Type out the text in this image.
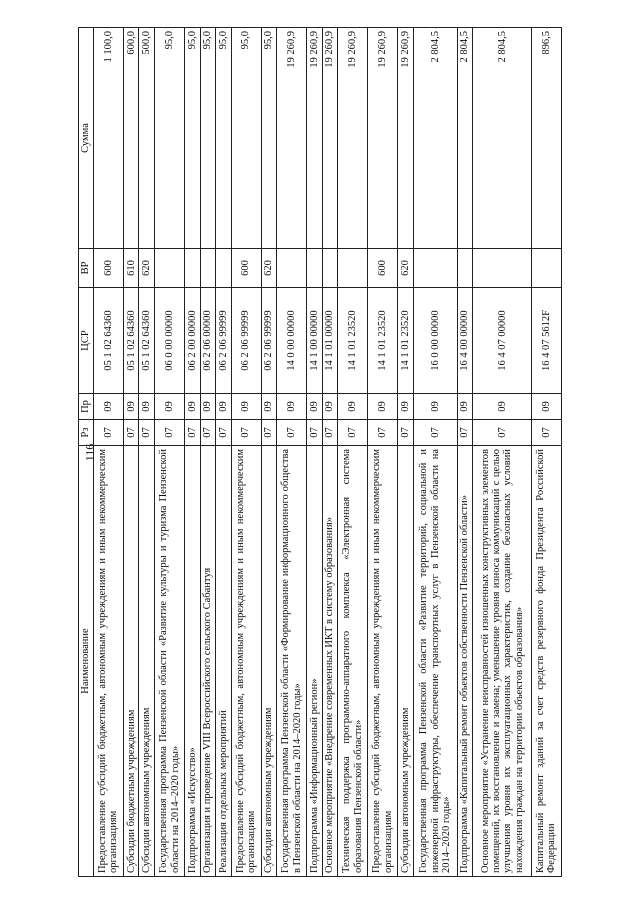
116
Наименование	Рз	Пр	ЦСР	ВР	Сумма
Предоставление субсидий бюджетным, автономным учреждениям и иным некоммерческим организациям	07	09	05 1 02 64360	600	1 100,0
Субсидии бюджетным учреждениям	07	09	05 1 02 64360	610	600,0
Субсидии автономным учреждениям	07	09	05 1 02 64360	620	500,0
Государственная программа Пензенской области «Развитие культуры и туризма Пензенской области на 2014–2020 годы»	07	09	06 0 00 00000		95,0
Подпрограмма «Искусство»	07	09	06 2 00 00000		95,0
Организация и проведение VIII Всероссийского сельского Сабантуя	07	09	06 2 06 00000		95,0
Реализация отдельных мероприятий	07	09	06 2 06 99999		95,0
Предоставление субсидий бюджетным, автономным учреждениям и иным некоммерческим организациям	07	09	06 2 06 99999	600	95,0
Субсидии автономным учреждениям	07	09	06 2 06 99999	620	95,0
Государственная программа Пензенской области «Формирование информационного общества в Пензенской области на 2014–2020 годы»	07	09	14 0 00 00000		19 260,9
Подпрограмма «Информационный регион»	07	09	14 1 00 00000		19 260,9
Основное мероприятие «Внедрение современных ИКТ в систему образования»	07	09	14 1 01 00000		19 260,9
Техническая поддержка программно-аппаратного комплекса «Электронная система образования Пензенской области»	07	09	14 1 01 23520		19 260,9
Предоставление субсидий бюджетным, автономным учреждениям и иным некоммерческим организациям	07	09	14 1 01 23520	600	19 260,9
Субсидии автономным учреждениям	07	09	14 1 01 23520	620	19 260,9
Государственная программа Пензенской области «Развитие территорий, социальной и инженерной инфраструктуры, обеспечение транспортных услуг в Пензенской области на 2014–2020 годы»	07	09	16 0 00 00000		2 804,5
Подпрограмма «Капитальный ремонт объектов собственности Пензенской области»	07	09	16 4 00 00000		2 804,5
Основное мероприятие «Устранение неисправностей изношенных конструктивных элементов помещений, их восстановление и замена; уменьшение уровня износа коммуникаций с целью улучшения уровня их эксплуатационных характеристик, создание безопасных условий нахождения граждан на территории объектов образования»	07	09	16 4 07 00000		2 804,5
Капитальный ремонт зданий за счет средств резервного фонда Президента Российской Федерации	07	09	16 4 07 5612F		896,5
